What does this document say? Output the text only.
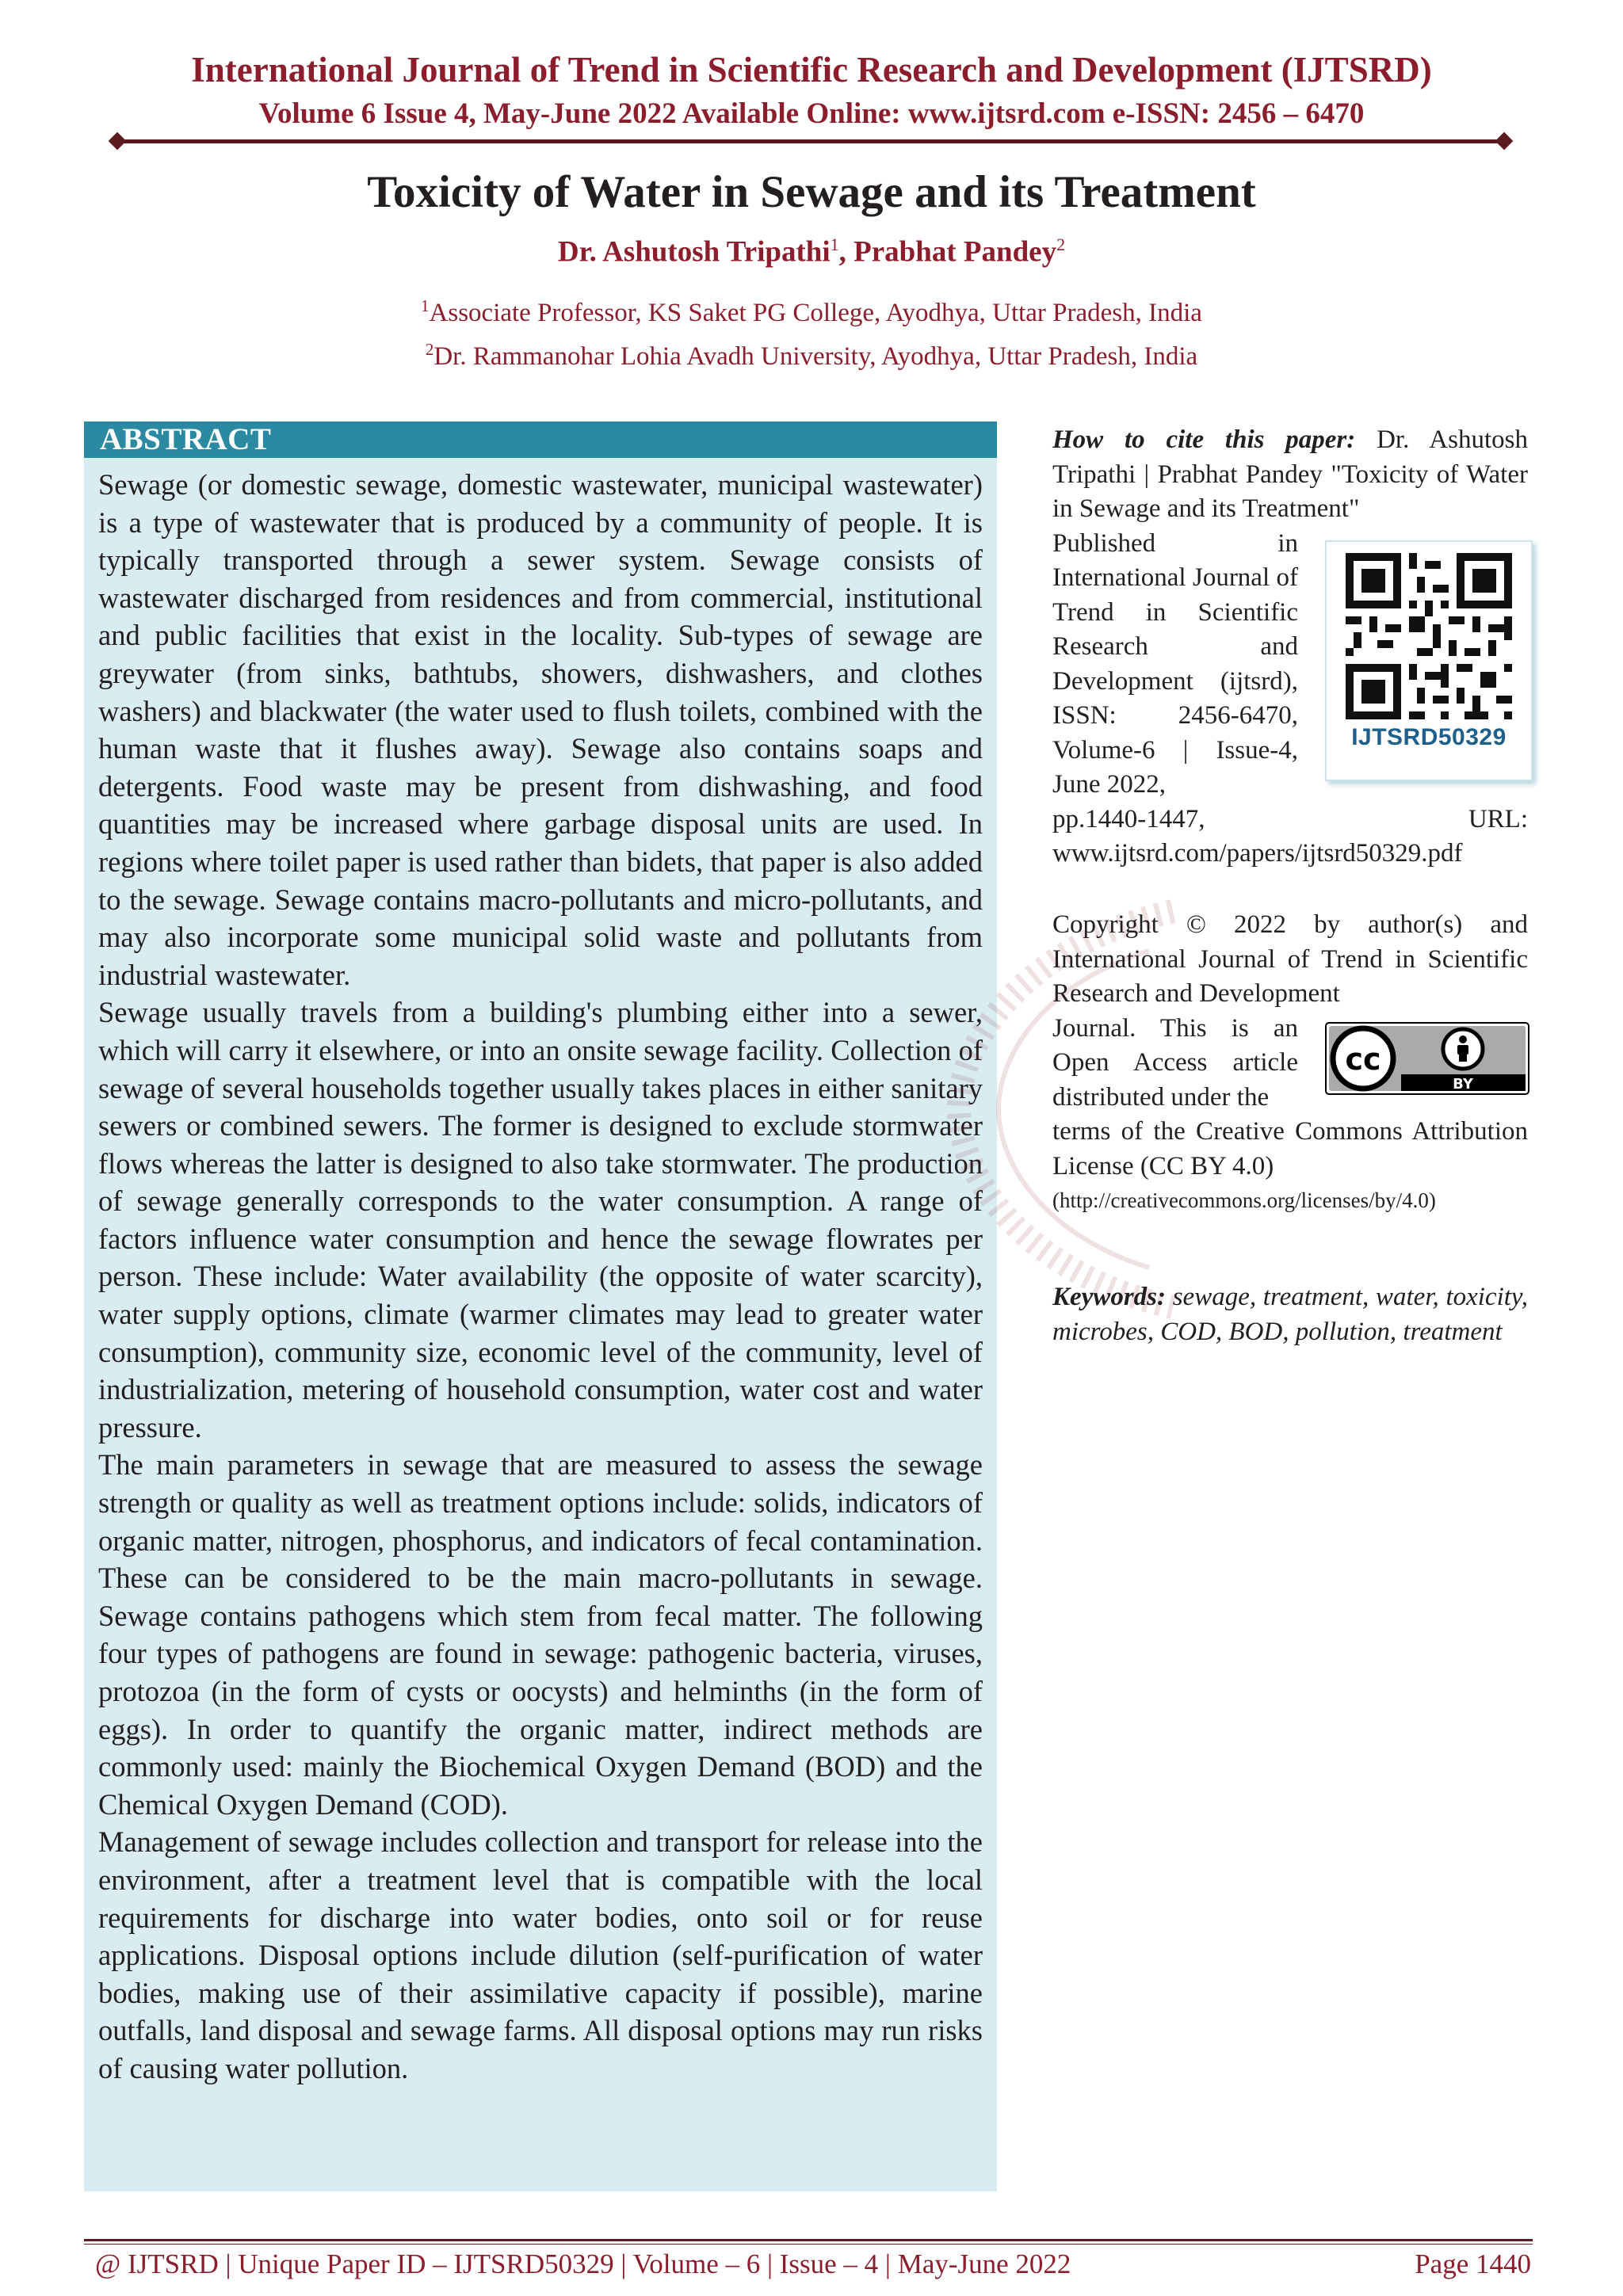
International Journal of Trend in Scientific Research and Development (IJTSRD)
Volume 6 Issue 4, May-June 2022 Available Online: www.ijtsrd.com e-ISSN: 2456 – 6470
Toxicity of Water in Sewage and its Treatment
Dr. Ashutosh Tripathi$^1$, Prabhat Pandey$^2$
$^1$Associate Professor, KS Saket PG College, Ayodhya, Uttar Pradesh, India
$^2$Dr. Rammanohar Lohia Avadh University, Ayodhya, Uttar Pradesh, India
ABSTRACT

Sewage (or domestic sewage, domestic wastewater, municipal wastewater) is a type of wastewater that is produced by a community of people. It is typically transported through a sewer system. Sewage consists of wastewater discharged from residences and from commercial, institutional and public facilities that exist in the locality. Sub-types of sewage are greywater (from sinks, bathtubs, showers, dishwashers, and clothes washers) and blackwater (the water used to flush toilets, combined with the human waste that it flushes away). Sewage also contains soaps and detergents. Food waste may be present from dishwashing, and food quantities may be increased where garbage disposal units are used. In regions where toilet paper is used rather than bidets, that paper is also added to the sewage. Sewage contains macro-pollutants and micro-pollutants, and may also incorporate some municipal solid waste and pollutants from industrial wastewater.

Sewage usually travels from a building's plumbing either into a sewer, which will carry it elsewhere, or into an onsite sewage facility. Collection of sewage of several households together usually takes places in either sanitary sewers or combined sewers. The former is designed to exclude stormwater flows whereas the latter is designed to also take stormwater. The production of sewage generally corresponds to the water consumption. A range of factors influence water consumption and hence the sewage flowrates per person. These include: Water availability (the opposite of water scarcity), water supply options, climate (warmer climates may lead to greater water consumption), community size, economic level of the community, level of industrialization, metering of household consumption, water cost and water pressure.

The main parameters in sewage that are measured to assess the sewage strength or quality as well as treatment options include: solids, indicators of organic matter, nitrogen, phosphorus, and indicators of fecal contamination. These can be considered to be the main macro-pollutants in sewage. Sewage contains pathogens which stem from fecal matter. The following four types of pathogens are found in sewage: pathogenic bacteria, viruses, protozoa (in the form of cysts or oocysts) and helminths (in the form of eggs). In order to quantify the organic matter, indirect methods are commonly used: mainly the Biochemical Oxygen Demand (BOD) and the Chemical Oxygen Demand (COD).

Management of sewage includes collection and transport for release into the environment, after a treatment level that is compatible with the local requirements for discharge into water bodies, onto soil or for reuse applications. Disposal options include dilution (self-purification of water bodies, making use of their assimilative capacity if possible), marine outfalls, land disposal and sewage farms. All disposal options may run risks of causing water pollution.

How to cite this paper: Dr. Ashutosh Tripathi | Prabhat Pandey "Toxicity of Water in Sewage and its Treatment"

Published in International Journal of Trend in Scientific Research and Development (ijtsrd), ISSN: 2456-6470, Volume-6 | Issue-4, June 2022,

pp.1440-1447,	URL:

www.ijtsrd.com/papers/ijtsrd50329.pdf

IJTSRD50329

Copyright © 2022 by author(s) and International Journal of Trend in Scientific Research and Development

Journal. This is an Open Access article distributed under the

terms of the Creative Commons Attribution License (CC BY 4.0)

(http://creativecommons.org/licenses/by/4.0)

cc
BY

Keywords: sewage, treatment, water, toxicity, microbes, COD, BOD, pollution, treatment

@ IJTSRD | Unique Paper ID – IJTSRD50329 | Volume – 6 | Issue – 4 | May-June 2022	Page 1440
